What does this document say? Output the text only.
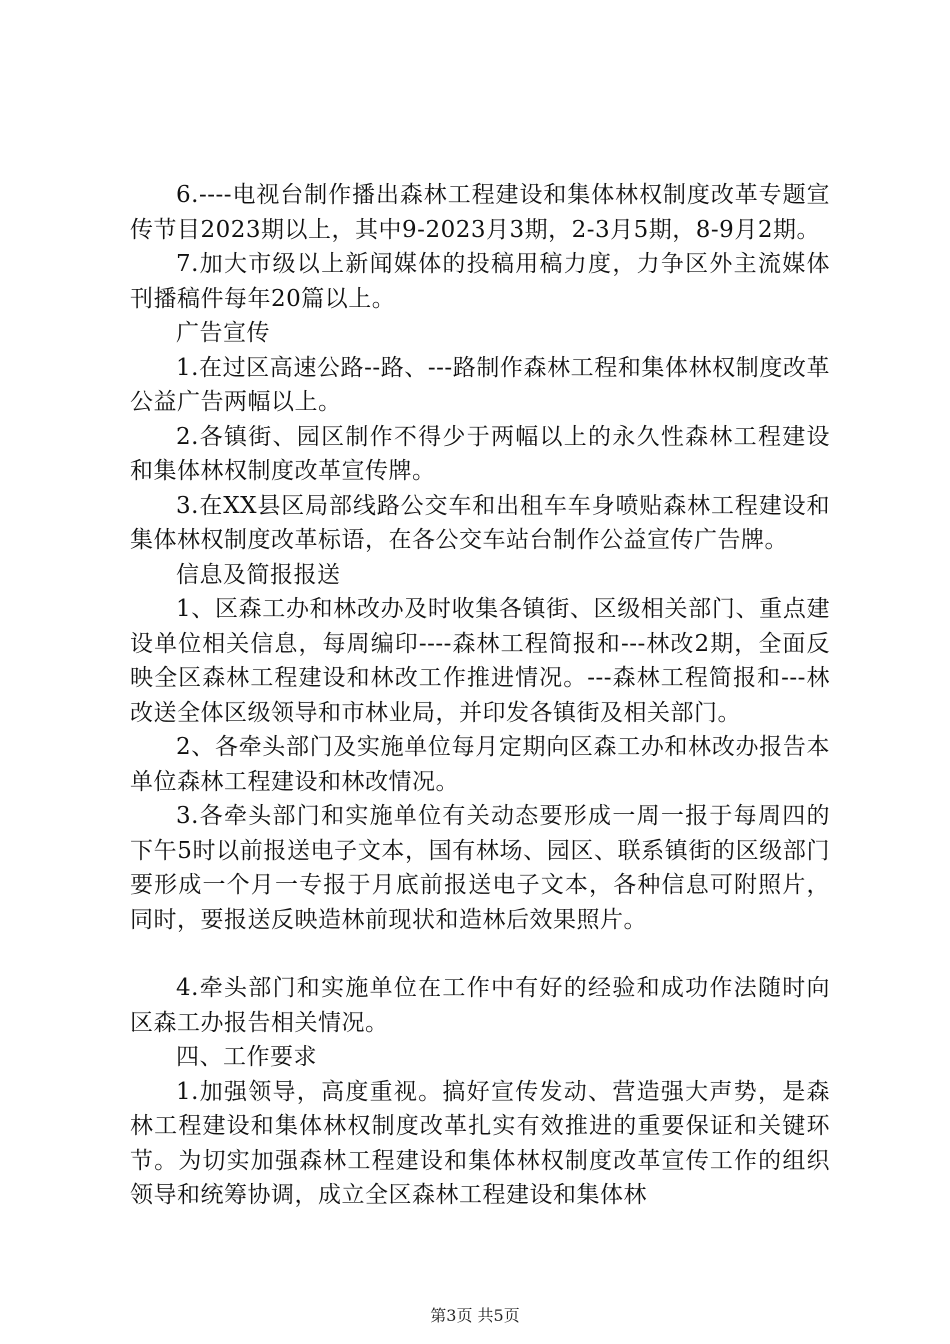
6.----电视台制作播出森林工程建设和集体林权制度改革专题宣传节目2023期以上，其中9-2023月3期，2-3月5期，8-9月2期。

7.加大市级以上新闻媒体的投稿用稿力度，力争区外主流媒体刊播稿件每年20篇以上。

广告宣传

1.在过区高速公路--路、---路制作森林工程和集体林权制度改革公益广告两幅以上。

2.各镇街、园区制作不得少于两幅以上的永久性森林工程建设和集体林权制度改革宣传牌。

3.在XX县区局部线路公交车和出租车车身喷贴森林工程建设和集体林权制度改革标语，在各公交车站台制作公益宣传广告牌。

信息及简报报送

1、区森工办和林改办及时收集各镇街、区级相关部门、重点建设单位相关信息，每周编印----森林工程简报和---林改2期，全面反映全区森林工程建设和林改工作推进情况。---森林工程简报和---林改送全体区级领导和市林业局，并印发各镇街及相关部门。

2、各牵头部门及实施单位每月定期向区森工办和林改办报告本单位森林工程建设和林改情况。

3.各牵头部门和实施单位有关动态要形成一周一报于每周四的下午5时以前报送电子文本，国有林场、园区、联系镇街的区级部门要形成一个月一专报于月底前报送电子文本，各种信息可附照片，同时，要报送反映造林前现状和造林后效果照片。

4.牵头部门和实施单位在工作中有好的经验和成功作法随时向区森工办报告相关情况。

四、工作要求

1.加强领导，高度重视。搞好宣传发动、营造强大声势，是森林工程建设和集体林权制度改革扎实有效推进的重要保证和关键环节。为切实加强森林工程建设和集体林权制度改革宣传工作的组织领导和统筹协调，成立全区森林工程建设和集体林

第3页 共5页
